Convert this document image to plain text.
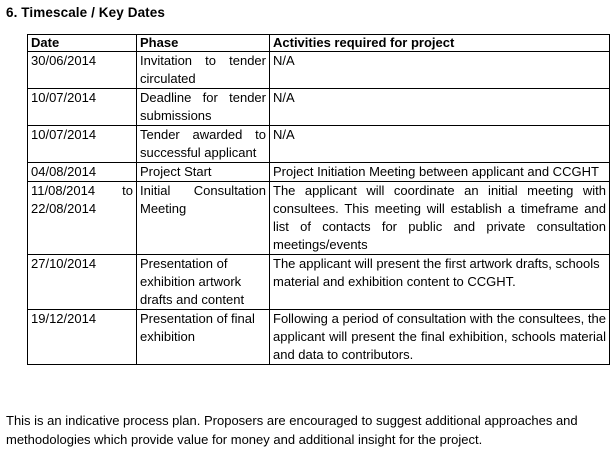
6. Timescale / Key Dates
Date	Phase	Activities required for project
30/06/2014	Invitation to tender circulated	N/A
10/07/2014	Deadline for tender submissions	N/A
10/07/2014	Tender awarded to successful applicant	N/A
04/08/2014	Project Start	Project Initiation Meeting between applicant and CCGHT
11/08/2014 to 22/08/2014	Initial Consultation Meeting	The applicant will coordinate an initial meeting with consultees. This meeting will establish a timeframe and list of contacts for public and private consultation meetings/events
27/10/2014	Presentation of exhibition artwork drafts and content	The applicant will present the first artwork drafts, schools material and exhibition content to CCGHT.
19/12/2014	Presentation of final exhibition	Following a period of consultation with the consultees, the applicant will present the final exhibition, schools material and data to contributors.
This is an indicative process plan. Proposers are encouraged to suggest additional approaches and methodologies which provide value for money and additional insight for the project.
